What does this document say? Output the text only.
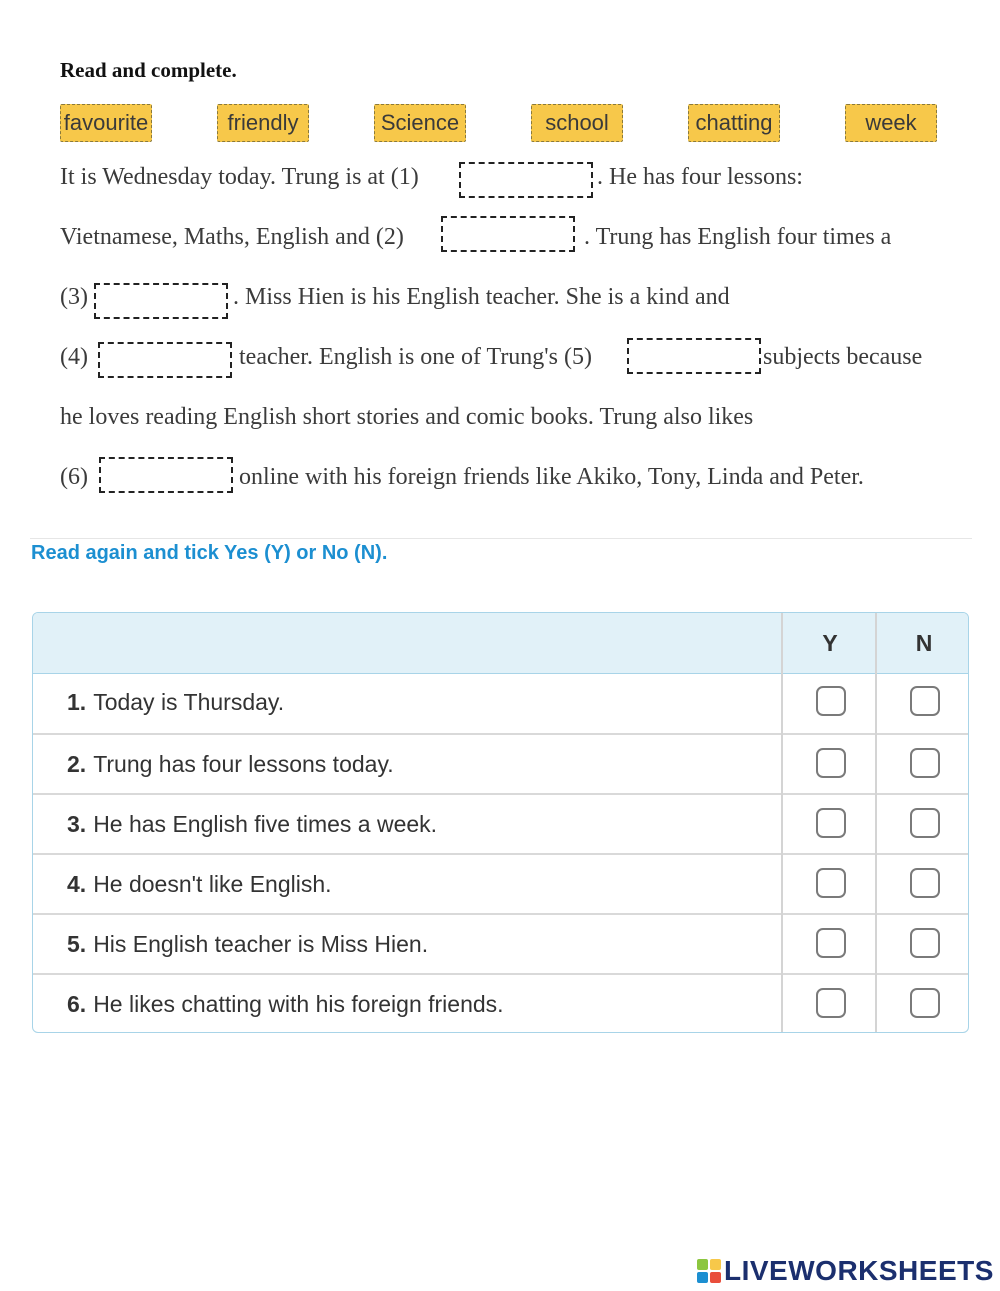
Read and complete.
favourite	friendly	Science	school	chatting	week
It is Wednesday today. Trung is at (1)	. He has four lessons:
Vietnamese, Maths, English and (2)	. Trung has English four times a
(3)	. Miss Hien is his English teacher. She is a kind and
(4)	teacher. English is one of Trung's (5)	subjects because
he loves reading English short stories and comic books. Trung also likes
(6)	online with his foreign friends like Akiko, Tony, Linda and Peter.
Read again and tick Yes (Y) or No (N).
Y	N
1. Today is Thursday.
2. Trung has four lessons today.
3. He has English five times a week.
4. He doesn't like English.
5. His English teacher is Miss Hien.
6. He likes chatting with his foreign friends.
LIVEWORKSHEETS
